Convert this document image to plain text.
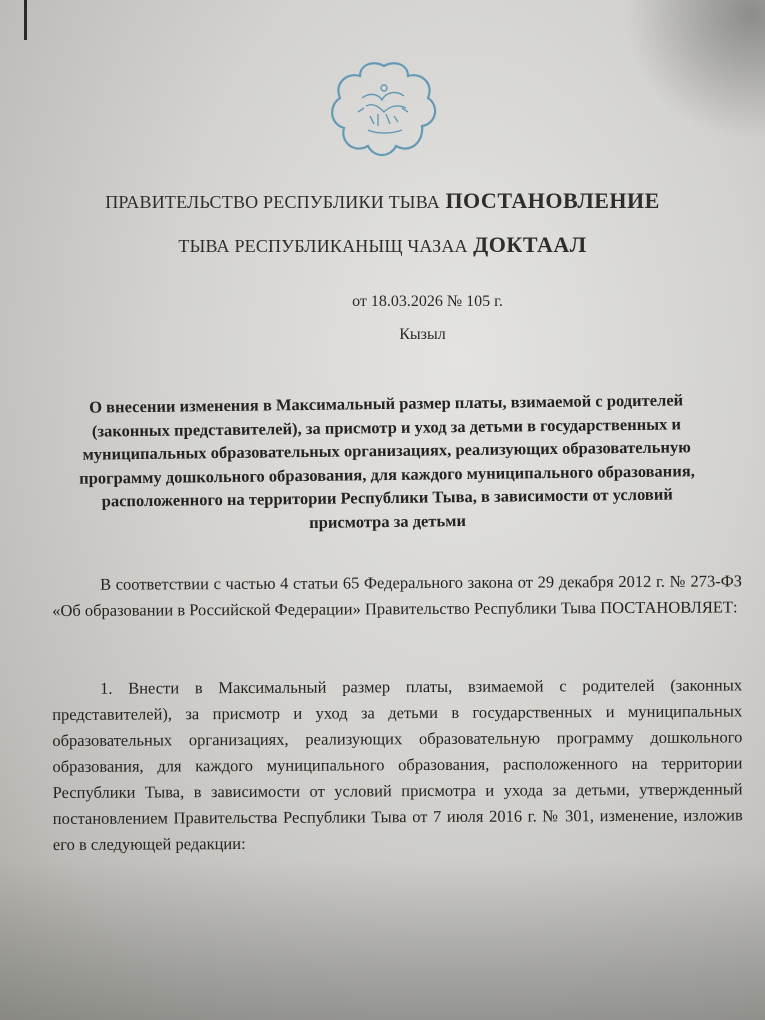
ПРАВИТЕЛЬСТВО РЕСПУБЛИКИ ТЫВА ПОСТАНОВЛЕНИЕ
ТЫВА РЕСПУБЛИКАНЫЩ ЧАЗАА ДОКТААЛ
от 18.03.2026 № 105 г.
Кызыл
О внесении изменения в Максимальный размер платы, взимаемой с родителей (законных представителей), за присмотр и уход за детьми в государственных и муниципальных образовательных организациях, реализующих образовательную программу дошкольного образования, для каждого муниципального образования, расположенного на территории Республики Тыва, в зависимости от условий присмотра за детьми
В соответствии с частью 4 статьи 65 Федерального закона от 29 декабря 2012 г. № 273-ФЗ «Об образовании в Российской Федерации» Правительство Республики Тыва ПОСТАНОВЛЯЕТ:
1. Внести в Максимальный размер платы, взимаемой с родителей (законных представителей), за присмотр и уход за детьми в государственных и муниципальных образовательных организациях, реализующих образовательную программу дошкольного образования, для каждого муниципального образования, расположенного на территории Республики Тыва, в зависимости от условий присмотра и ухода за детьми, утвержденный постановлением Правительства Республики Тыва от 7 июля 2016 г. № 301, изменение, изложив его в следующей редакции:
